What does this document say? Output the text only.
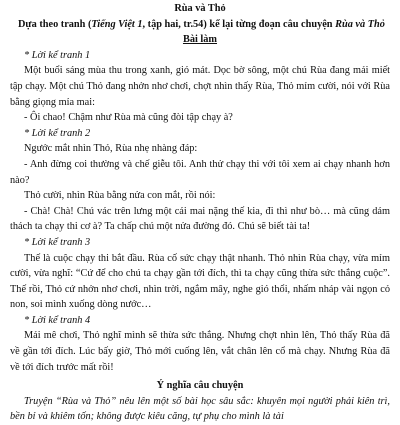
Rùa và Thỏ

Dựa theo tranh (Tiếng Việt 1, tập hai, tr.54) kể lại từng đoạn câu chuyện Rùa và Thỏ

Bài làm

* Lời kể tranh 1

Một buổi sáng mùa thu trong xanh, gió mát. Dọc bờ sông, một chú Rùa đang mải miết tập chạy. Một chú Thỏ đang nhởn nhơ chơi, chợt nhìn thấy Rùa, Thỏ mỉm cười, nói với Rùa bằng giọng mỉa mai:

- Ôi chao! Chậm như Rùa mà cũng đòi tập chạy à?

* Lời kể tranh 2

Ngước mắt nhìn Thỏ, Rùa nhẹ nhàng đáp:

- Anh đừng coi thường và chế giễu tôi. Anh thử chạy thi với tôi xem ai chạy nhanh hơn nào?

Thỏ cười, nhìn Rùa bằng nửa con mắt, rồi nói:

- Chà! Chà! Chú vác trên lưng một cái mai nặng thế kia, đi thì như bò… mà cũng dám thách ta chạy thi cơ à? Ta chấp chú một nửa đường đó. Chú sẽ biết tài ta!

* Lời kể tranh 3

Thế là cuộc chạy thi bắt đầu. Rùa cố sức chạy thật nhanh. Thỏ nhìn Rùa chạy, vừa mỉm cười, vừa nghĩ: “Cứ để cho chú ta chạy gần tới đích, thì ta chạy cũng thừa sức thắng cuộc”. Thế rồi, Thỏ cứ nhởn nhơ chơi, nhìn trời, ngắm mây, nghe gió thổi, nhấm nháp vài ngọn cỏ non, soi mình xuống dòng nước…

* Lời kể tranh 4

Mải mê chơi, Thỏ nghĩ mình sẽ thừa sức thắng. Nhưng chợt nhìn lên, Thỏ thấy Rùa đã về gần tới đích. Lúc bấy giờ, Thỏ mới cuống lên, vắt chân lên cổ mà chạy. Nhưng Rùa đã về tới đích trước mất rồi!

Ý nghĩa câu chuyện

Truyện “Rùa và Thỏ” nêu lên một số bài học sâu sắc: khuyên mọi người phải kiên trì, bền bỉ và khiêm tốn; không được kiêu căng, tự phụ cho mình là tài
